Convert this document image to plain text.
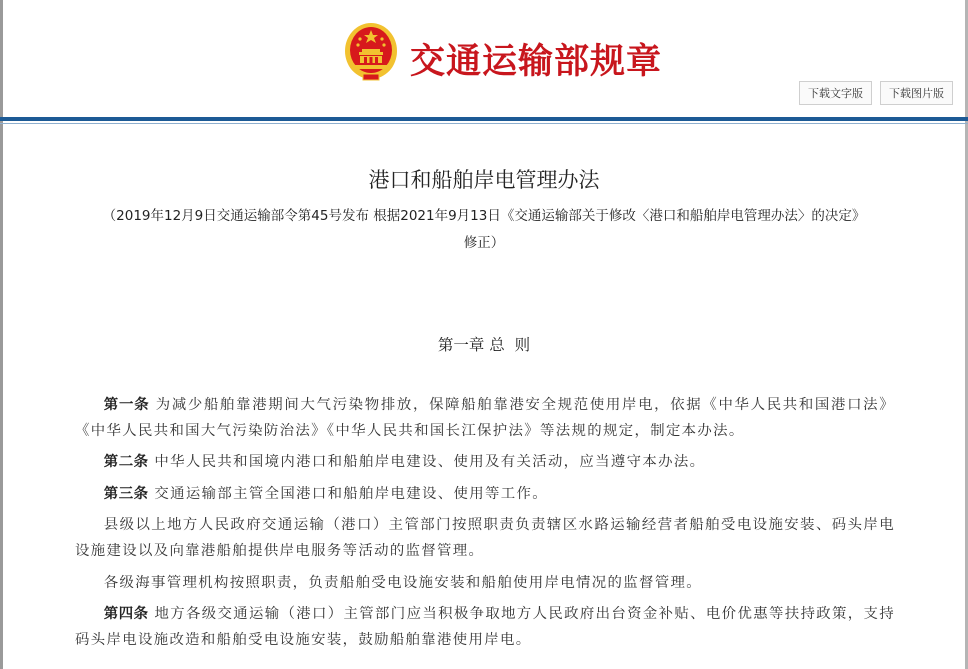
交通运输部规章
下载文字版	下载图片版
港口和船舶岸电管理办法
（2019年12月9日交通运输部令第45号发布 根据2021年9月13日《交通运输部关于修改〈港口和船舶岸电管理办法〉的决定》
修正）
第一章 总  则

第一条 为减少船舶靠港期间大气污染物排放，保障船舶靠港安全规范使用岸电，依据《中华人民共和国港口法》《中华人民共和国大气污染防治法》《中华人民共和国长江保护法》等法规的规定，制定本办法。

第二条 中华人民共和国境内港口和船舶岸电建设、使用及有关活动，应当遵守本办法。

第三条 交通运输部主管全国港口和船舶岸电建设、使用等工作。

县级以上地方人民政府交通运输（港口）主管部门按照职责负责辖区水路运输经营者船舶受电设施安装、码头岸电设施建设以及向靠港船舶提供岸电服务等活动的监督管理。

各级海事管理机构按照职责，负责船舶受电设施安装和船舶使用岸电情况的监督管理。

第四条 地方各级交通运输（港口）主管部门应当积极争取地方人民政府出台资金补贴、电价优惠等扶持政策，支持码头岸电设施改造和船舶受电设施安装，鼓励船舶靠港使用岸电。
